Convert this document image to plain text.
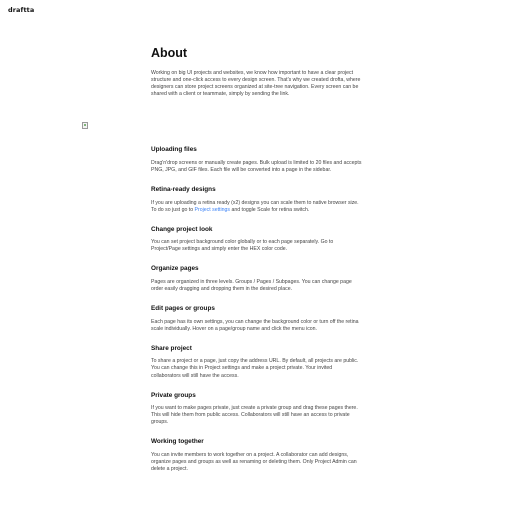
draftta
About

Working on big UI projects and websites, we know how important to have a clear project structure and one-click access to every design screen. That's why we created drofta, where designers can store project screens organized at site-tree navigation. Every screen can be shared with a client or teammate, simply by sending the link.

Uploading files

Drag'n'drop screens or manually create pages. Bulk upload is limited to 20 files and accepts PNG, JPG, and GIF files. Each file will be converted into a page in the sidebar.

Retina-ready designs

If you are uploading a retina ready (x2) designs you can scale them to native browser size. To do so just go to Project settings and toggle Scale for retina switch.

Change project look

You can set project background color globally or to each page separately. Go to Project/Page settings and simply enter the HEX color code.

Organize pages

Pages are organized in three levels. Groups / Pages / Subpages. You can change page order easily dragging and dropping them in the desired place.

Edit pages or groups

Each page has its own settings, you can change the background color or turn off the retina scale individually. Hover on a page/group name and click the menu icon.

Share project

To share a project or a page, just copy the address URL. By default, all projects are public. You can change this in Project settings and make a project private. Your invited collaborators will still have the access.

Private groups

If you want to make pages private, just create a private group and drag these pages there. This will hide them from public access. Collaborators will still have an access to private groups.

Working together

You can invite members to work together on a project. A collaborator can add designs, organize pages and groups as well as renaming or deleting them. Only Project Admin can delete a project.
